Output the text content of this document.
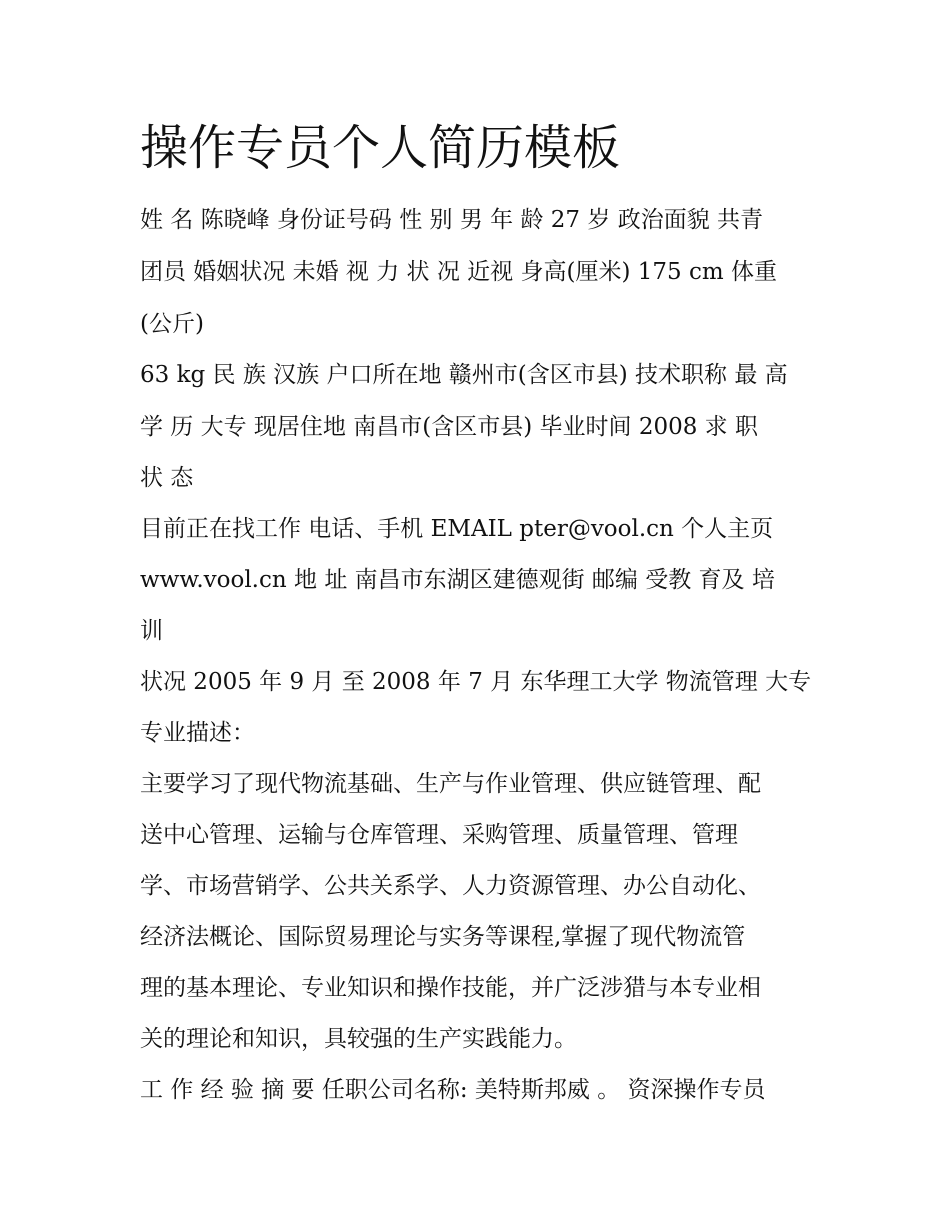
操作专员个人简历模板

姓 名 陈晓峰 身份证号码 性 别 男 年 龄 27 岁 政治面貌 共青

团员 婚姻状况 未婚 视 力 状 况 近视 身高(厘米) 175 cm 体重

(公斤)

63 kg 民 族 汉族 户口所在地 赣州市(含区市县) 技术职称 最 高

学 历 大专 现居住地 南昌市(含区市县) 毕业时间 2008 求 职

状 态

目前正在找工作 电话、手机 EMAIL pter@vool.cn 个人主页

www.vool.cn 地 址 南昌市东湖区建德观街 邮编 受教 育及 培

训

状况 2005 年 9 月 至 2008 年 7 月 东华理工大学 物流管理 大专

专业描述：

主要学习了现代物流基础、生产与作业管理、供应链管理、配

送中心管理、运输与仓库管理、采购管理、质量管理、管理

学、市场营销学、公共关系学、人力资源管理、办公自动化、

经济法概论、国际贸易理论与实务等课程,掌握了现代物流管

理的基本理论、专业知识和操作技能，并广泛涉猎与本专业相

关的理论和知识，具较强的生产实践能力。

工 作 经 验 摘 要 任职公司名称: 美特斯邦威 。 资深操作专员
